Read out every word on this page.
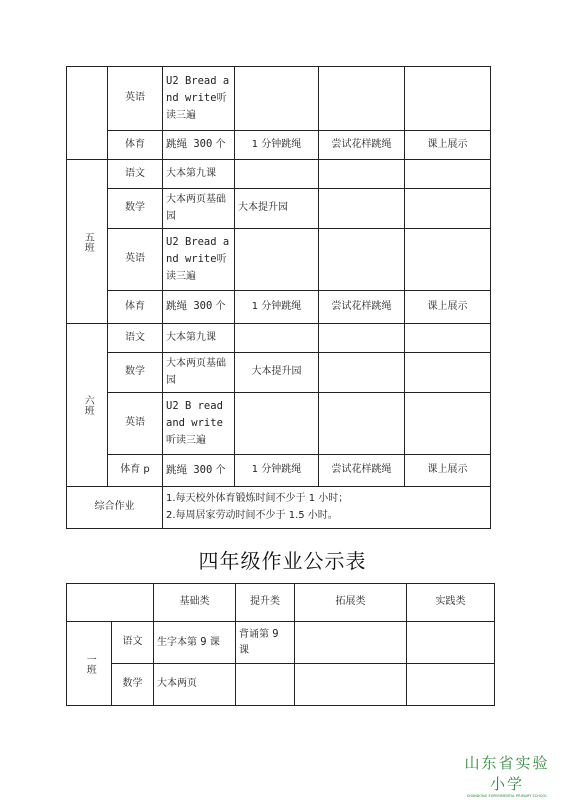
	英语	U2 Bread and write听读三遍			
	体育	跳绳 300 个	1 分钟跳绳	尝试花样跳绳	课上展示
五班	语文	大本第九课			
	数学	大本两页基础园	大本提升园		
	英语	U2 Bread and write听读三遍			
	体育	跳绳 300 个	1 分钟跳绳	尝试花样跳绳	课上展示
六班	语文	大本第九课			
	数学	大本两页基础园	大本提升园		
	英语	U2 B read and write听读三遍			
	体育 p	跳绳 300 个	1 分钟跳绳	尝试花样跳绳	课上展示
综合作业		1.每天校外体育锻炼时间不少于 1 小时；
2.每周居家劳动时间不少于 1.5 小时。			
四年级作业公示表
		基础类	提升类	拓展类	实践类
一班	语文	生字本第 9 课	背诵第 9 课		
	数学	大本两页			
山东省实验小学
SHANDONG EXPERIMENTAL PRIMARY SCHOOL
